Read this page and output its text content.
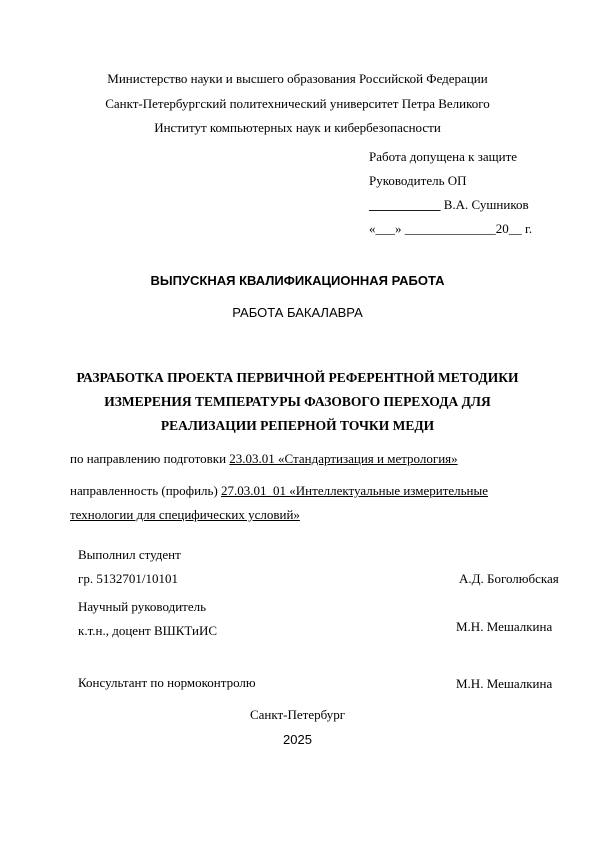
Министерство науки и высшего образования Российской Федерации
Санкт-Петербургский политехнический университет Петра Великого
Институт компьютерных наук и кибербезопасности
Работа допущена к защите
Руководитель ОП
___________ В.А. Сушников
«___» ______________20__ г.
ВЫПУСКНАЯ КВАЛИФИКАЦИОННАЯ РАБОТА
РАБОТА БАКАЛАВРА
РАЗРАБОТКА ПРОЕКТА ПЕРВИЧНОЙ РЕФЕРЕНТНОЙ МЕТОДИКИ
ИЗМЕРЕНИЯ ТЕМПЕРАТУРЫ ФАЗОВОГО ПЕРЕХОДА ДЛЯ
РЕАЛИЗАЦИИ РЕПЕРНОЙ ТОЧКИ МЕДИ
по направлению подготовки 23.03.01 «Стандартизация и метрология»
направленность (профиль) 27.03.01_01 «Интеллектуальные измерительные
технологии для специфических условий»
Выполнил студент
гр. 5132701/10101	А.Д. Боголюбская
Научный руководитель
к.т.н., доцент ВШКТиИС	М.Н. Мешалкина
Консультант по нормоконтролю	М.Н. Мешалкина
Санкт-Петербург
2025
